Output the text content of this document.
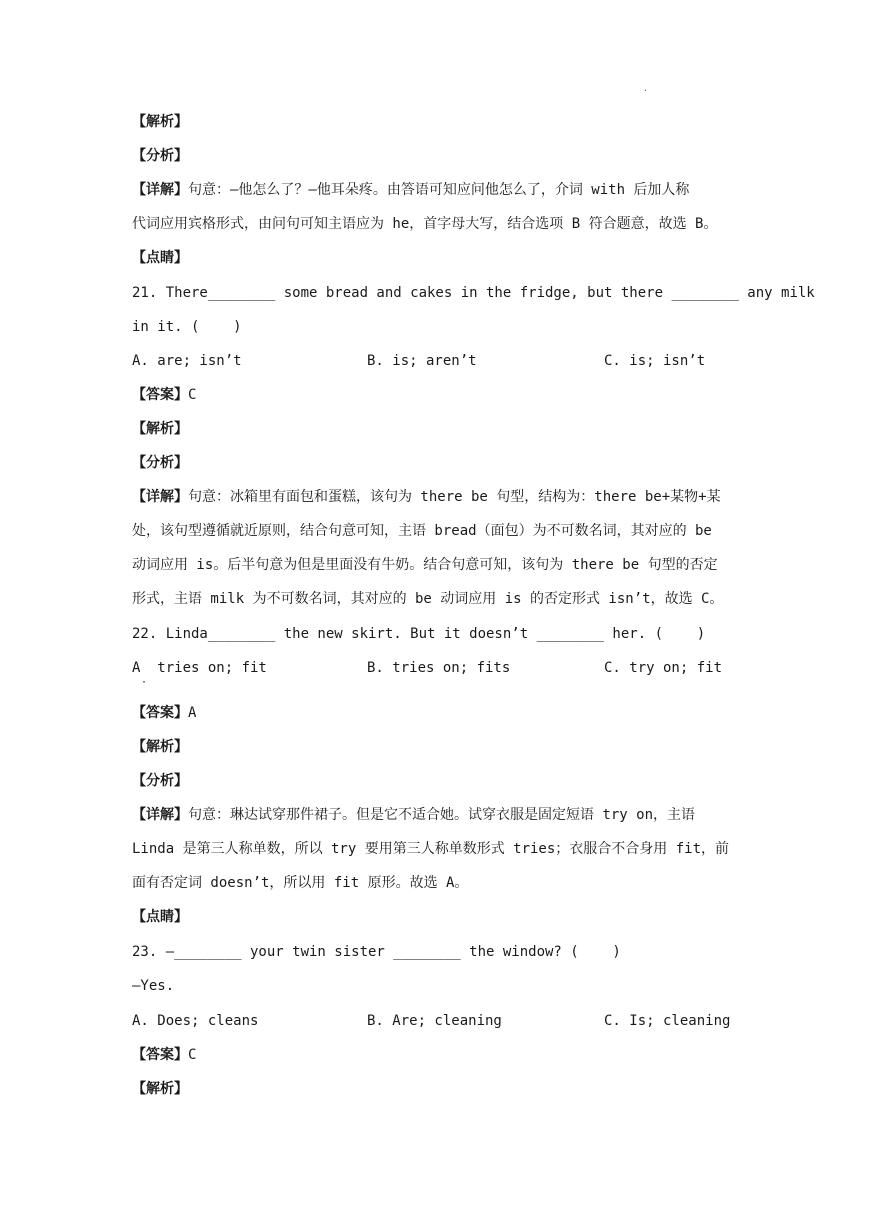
.
【解析】
【分析】
【详解】句意：—他怎么了？—他耳朵疼。由答语可知应问他怎么了，介词 with 后加人称
代词应用宾格形式，由问句可知主语应为 he，首字母大写，结合选项 B 符合题意，故选 B。
【点睛】
21. There________ some bread and cakes in the fridge, but there ________ any milk
in it. (    )
A. are; isn’t	B. is; aren’t	C. is; isn’t
【答案】C
【解析】
【分析】
【详解】句意：冰箱里有面包和蛋糕，该句为 there be 句型，结构为：there be+某物+某
处，该句型遵循就近原则，结合句意可知，主语 bread（面包）为不可数名词，其对应的 be
动词应用 is。后半句意为但是里面没有牛奶。结合句意可知，该句为 there be 句型的否定
形式，主语 milk 为不可数名词，其对应的 be 动词应用 is 的否定形式 isn’t，故选 C。
22. Linda________ the new skirt. But it doesn’t ________ her. (    )
A  tries on; fit
·
B. tries on; fits	C. try on; fit
【答案】A
【解析】
【分析】
【详解】句意：琳达试穿那件裙子。但是它不适合她。试穿衣服是固定短语 try on，主语
Linda 是第三人称单数，所以 try 要用第三人称单数形式 tries；衣服合不合身用 fit，前
面有否定词 doesn’t，所以用 fit 原形。故选 A。
【点睛】
23. —________ your twin sister ________ the window? (    )
—Yes.
A. Does; cleans	B. Are; cleaning	C. Is; cleaning
【答案】C
【解析】
